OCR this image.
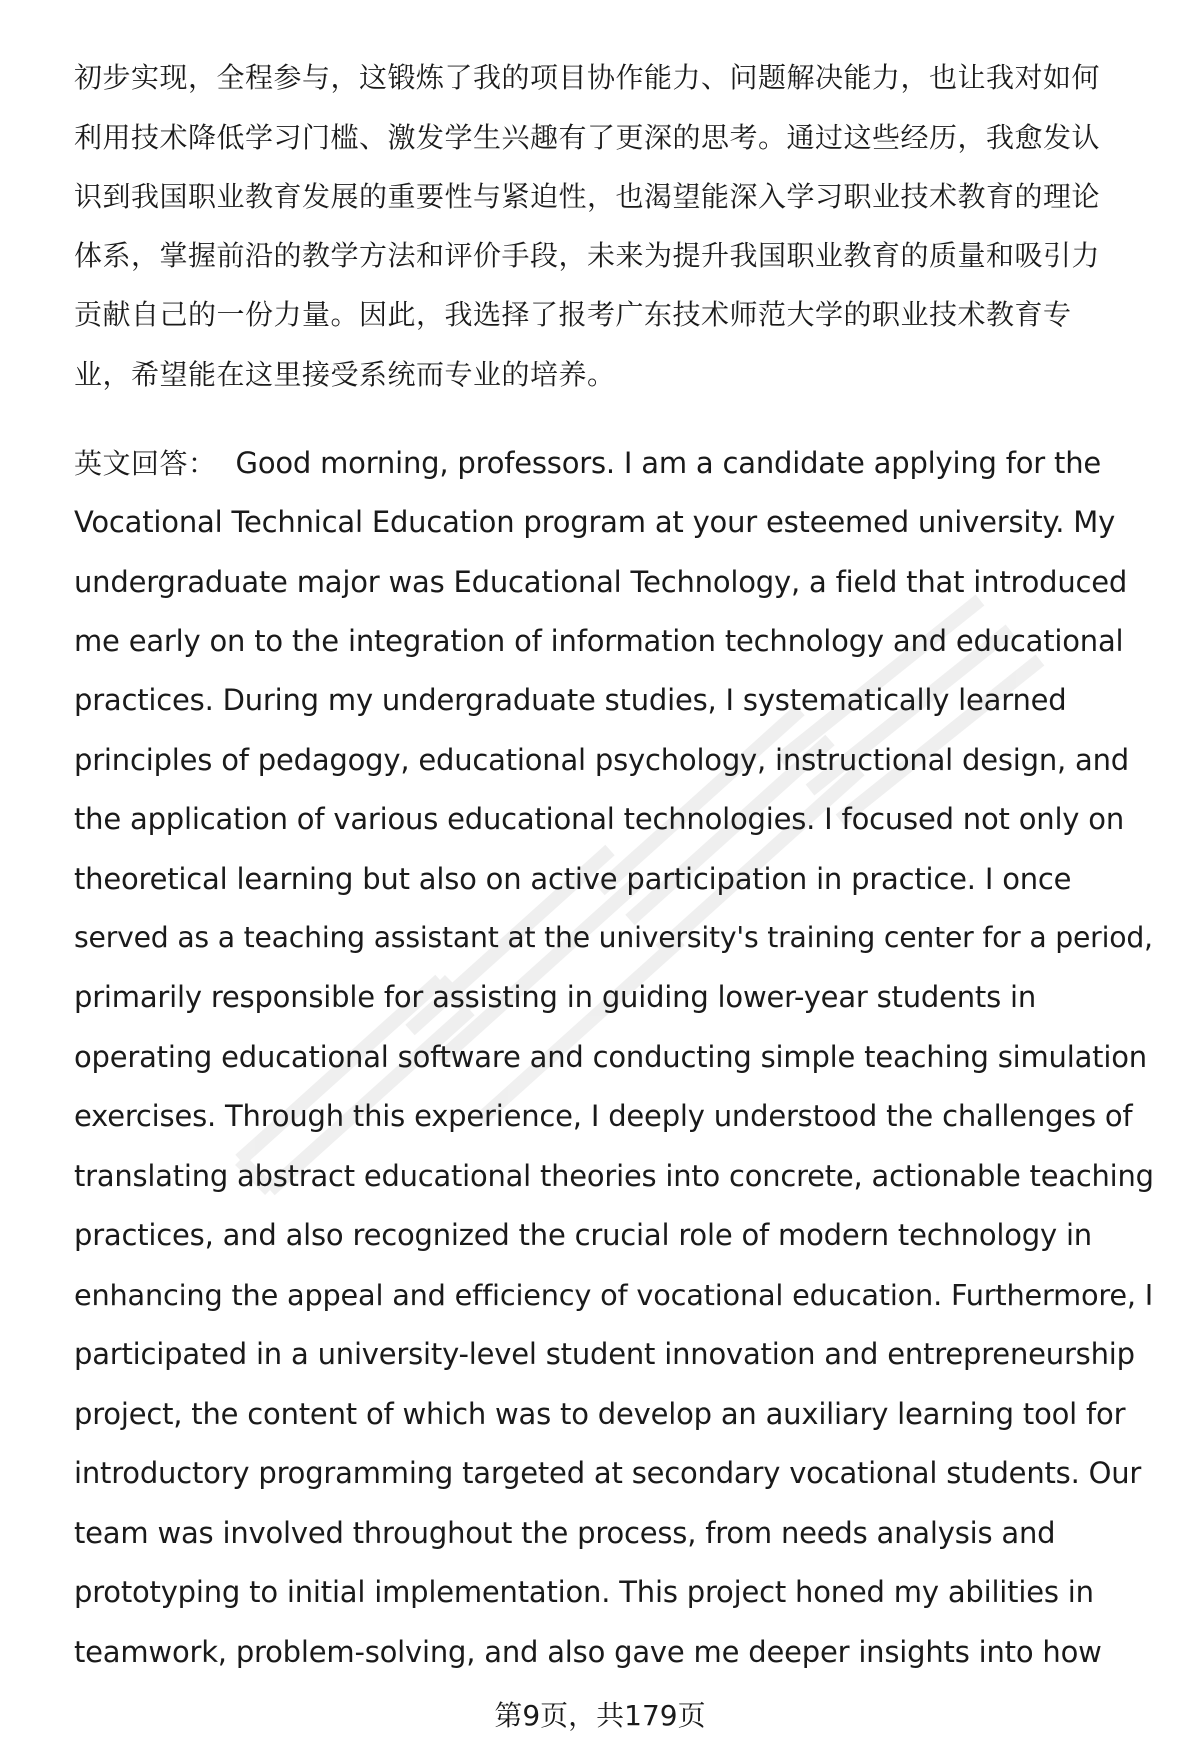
初步实现，全程参与，这锻炼了我的项目协作能力、问题解决能力，也让我对如何
利用技术降低学习门槛、激发学生兴趣有了更深的思考。通过这些经历，我愈发认
识到我国职业教育发展的重要性与紧迫性，也渴望能深入学习职业技术教育的理论
体系，掌握前沿的教学方法和评价手段，未来为提升我国职业教育的质量和吸引力
贡献自己的一份力量。因此，我选择了报考广东技术师范大学的职业技术教育专
业，希望能在这里接受系统而专业的培养。
英文回答： Good morning, professors. I am a candidate applying for the
Vocational Technical Education program at your esteemed university. My
undergraduate major was Educational Technology, a field that introduced
me early on to the integration of information technology and educational
practices. During my undergraduate studies, I systematically learned
principles of pedagogy, educational psychology, instructional design, and
the application of various educational technologies. I focused not only on
theoretical learning but also on active participation in practice. I once
served as a teaching assistant at the university's training center for a period,
primarily responsible for assisting in guiding lower-year students in
operating educational software and conducting simple teaching simulation
exercises. Through this experience, I deeply understood the challenges of
translating abstract educational theories into concrete, actionable teaching
practices, and also recognized the crucial role of modern technology in
enhancing the appeal and efficiency of vocational education. Furthermore, I
participated in a university-level student innovation and entrepreneurship
project, the content of which was to develop an auxiliary learning tool for
introductory programming targeted at secondary vocational students. Our
team was involved throughout the process, from needs analysis and
prototyping to initial implementation. This project honed my abilities in
teamwork, problem-solving, and also gave me deeper insights into how
第9页，共179页
